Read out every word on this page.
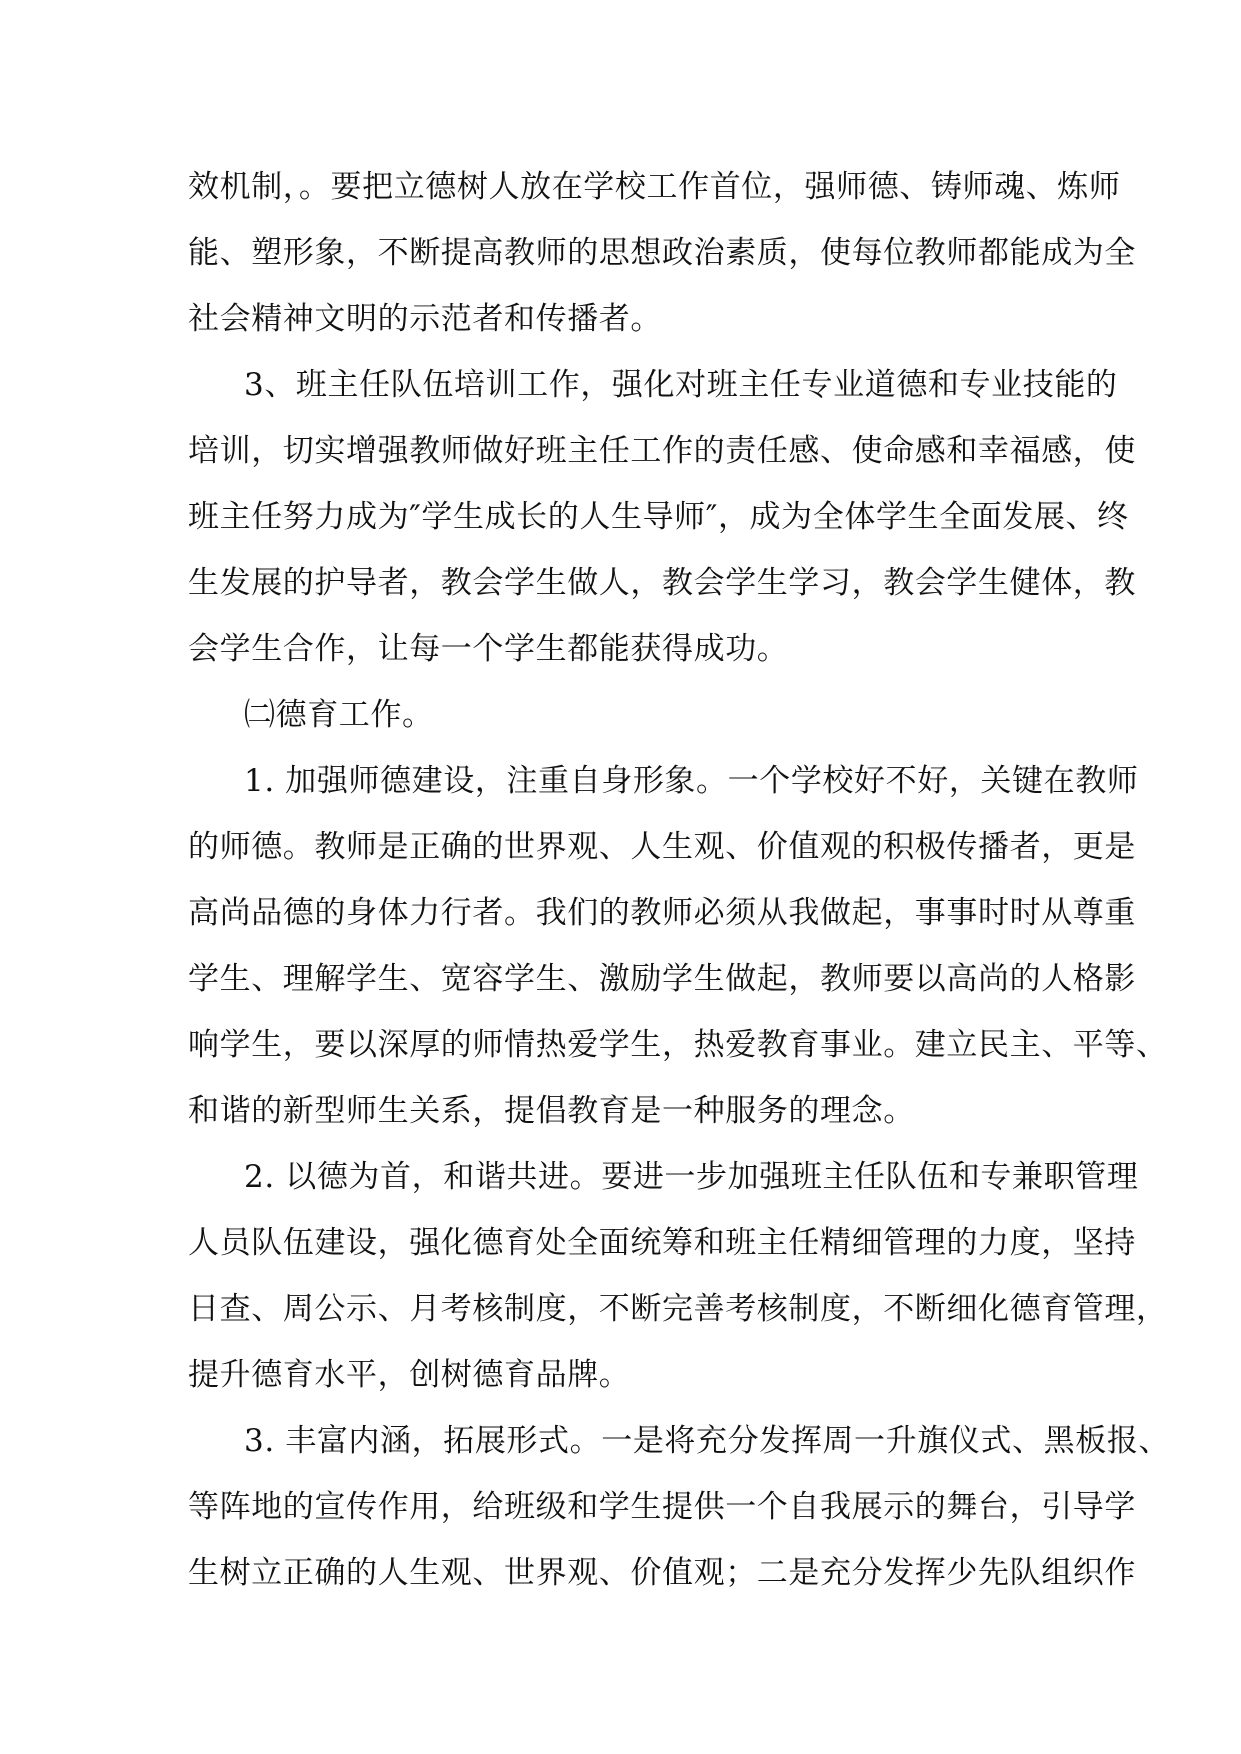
效机制，。要把立德树人放在学校工作首位，强师德、铸师魂、炼师
能、塑形象，不断提高教师的思想政治素质，使每位教师都能成为全
社会精神文明的示范者和传播者。
3、班主任队伍培训工作，强化对班主任专业道德和专业技能的
培训，切实增强教师做好班主任工作的责任感、使命感和幸福感，使
班主任努力成为″学生成长的人生导师″，成为全体学生全面发展、终
生发展的护导者，教会学生做人，教会学生学习，教会学生健体，教
会学生合作，让每一个学生都能获得成功。
㈡德育工作。
1. 加强师德建设，注重自身形象。一个学校好不好，关键在教师
的师德。教师是正确的世界观、人生观、价值观的积极传播者，更是
高尚品德的身体力行者。我们的教师必须从我做起，事事时时从尊重
学生、理解学生、宽容学生、激励学生做起，教师要以高尚的人格影
响学生，要以深厚的师情热爱学生，热爱教育事业。建立民主、平等、
和谐的新型师生关系，提倡教育是一种服务的理念。
2. 以德为首，和谐共进。要进一步加强班主任队伍和专兼职管理
人员队伍建设，强化德育处全面统筹和班主任精细管理的力度，坚持
日查、周公示、月考核制度，不断完善考核制度，不断细化德育管理，
提升德育水平，创树德育品牌。
3. 丰富内涵，拓展形式。一是将充分发挥周一升旗仪式、黑板报、
等阵地的宣传作用，给班级和学生提供一个自我展示的舞台，引导学
生树立正确的人生观、世界观、价值观；二是充分发挥少先队组织作
